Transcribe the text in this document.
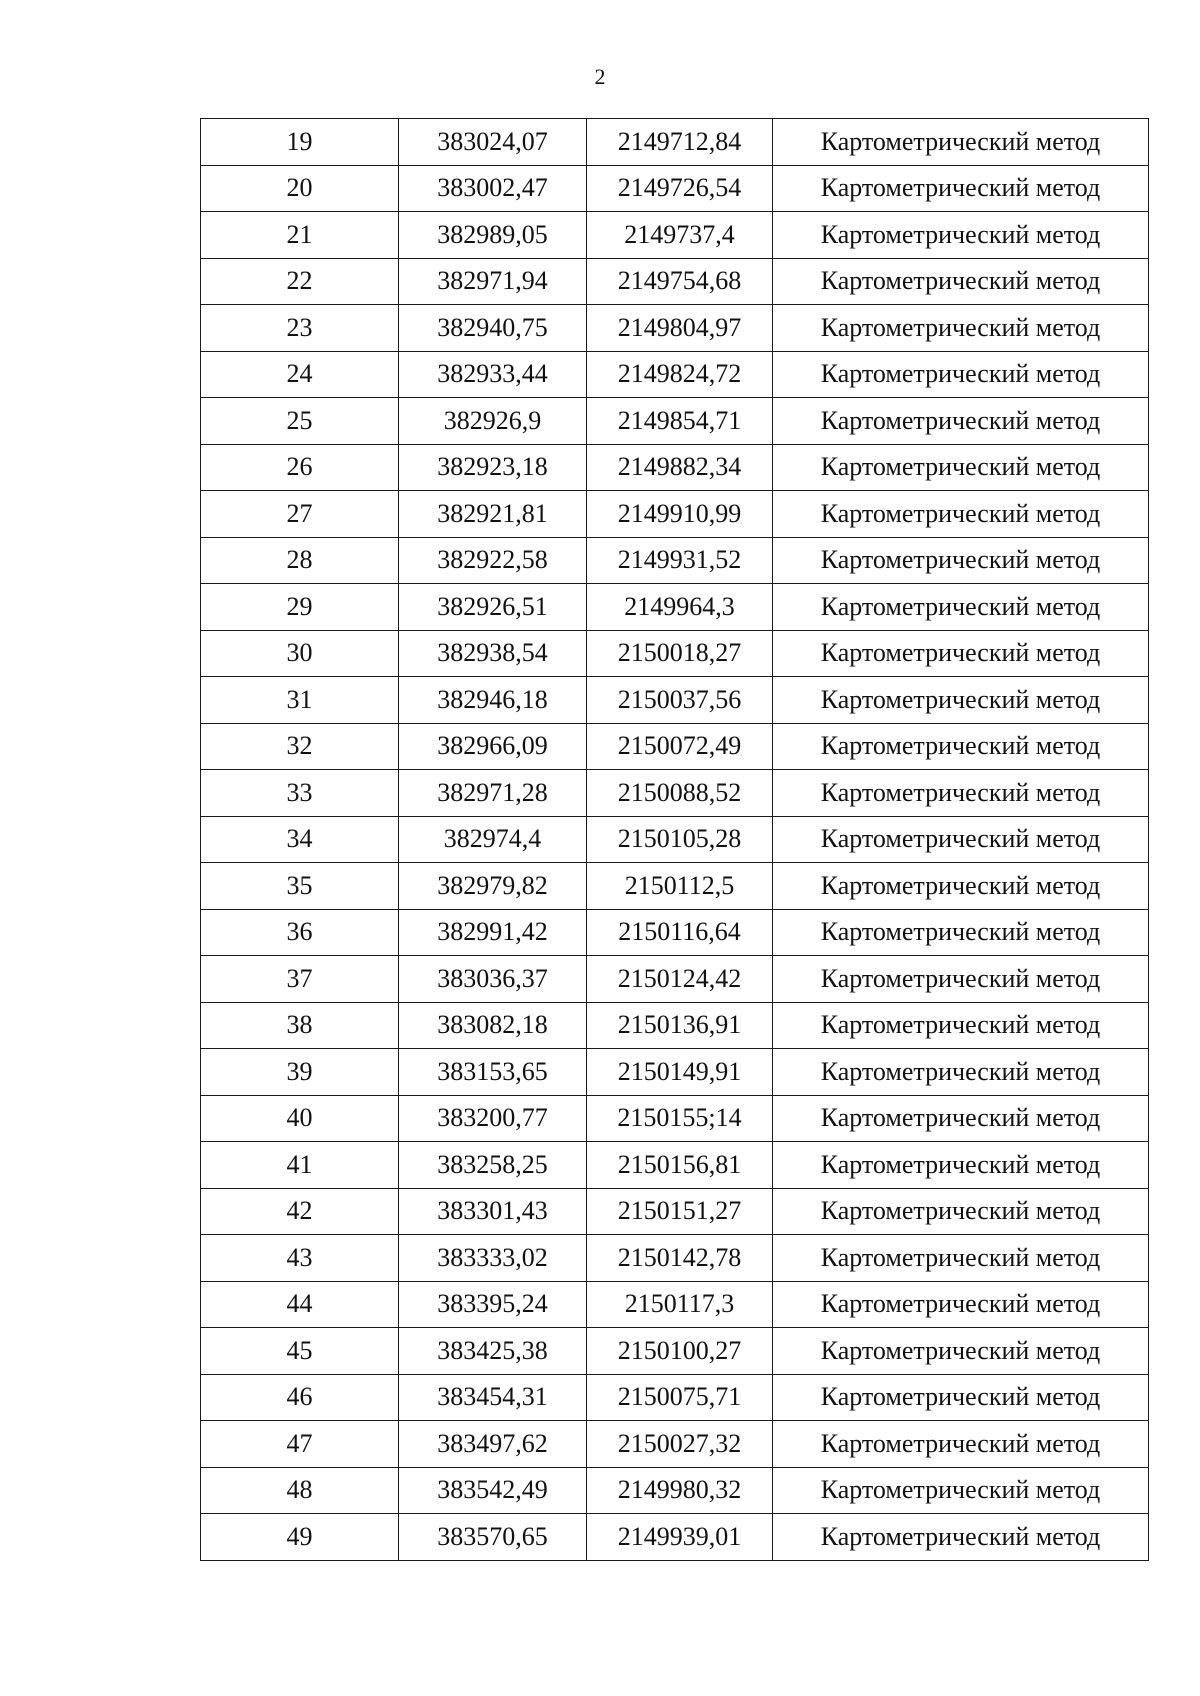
2
19	383024,07	2149712,84	Картометрический метод
20	383002,47	2149726,54	Картометрический метод
21	382989,05	2149737,4	Картометрический метод
22	382971,94	2149754,68	Картометрический метод
23	382940,75	2149804,97	Картометрический метод
24	382933,44	2149824,72	Картометрический метод
25	382926,9	2149854,71	Картометрический метод
26	382923,18	2149882,34	Картометрический метод
27	382921,81	2149910,99	Картометрический метод
28	382922,58	2149931,52	Картометрический метод
29	382926,51	2149964,3	Картометрический метод
30	382938,54	2150018,27	Картометрический метод
31	382946,18	2150037,56	Картометрический метод
32	382966,09	2150072,49	Картометрический метод
33	382971,28	2150088,52	Картометрический метод
34	382974,4	2150105,28	Картометрический метод
35	382979,82	2150112,5	Картометрический метод
36	382991,42	2150116,64	Картометрический метод
37	383036,37	2150124,42	Картометрический метод
38	383082,18	2150136,91	Картометрический метод
39	383153,65	2150149,91	Картометрический метод
40	383200,77	2150155;14	Картометрический метод
41	383258,25	2150156,81	Картометрический метод
42	383301,43	2150151,27	Картометрический метод
43	383333,02	2150142,78	Картометрический метод
44	383395,24	2150117,3	Картометрический метод
45	383425,38	2150100,27	Картометрический метод
46	383454,31	2150075,71	Картометрический метод
47	383497,62	2150027,32	Картометрический метод
48	383542,49	2149980,32	Картометрический метод
49	383570,65	2149939,01	Картометрический метод
